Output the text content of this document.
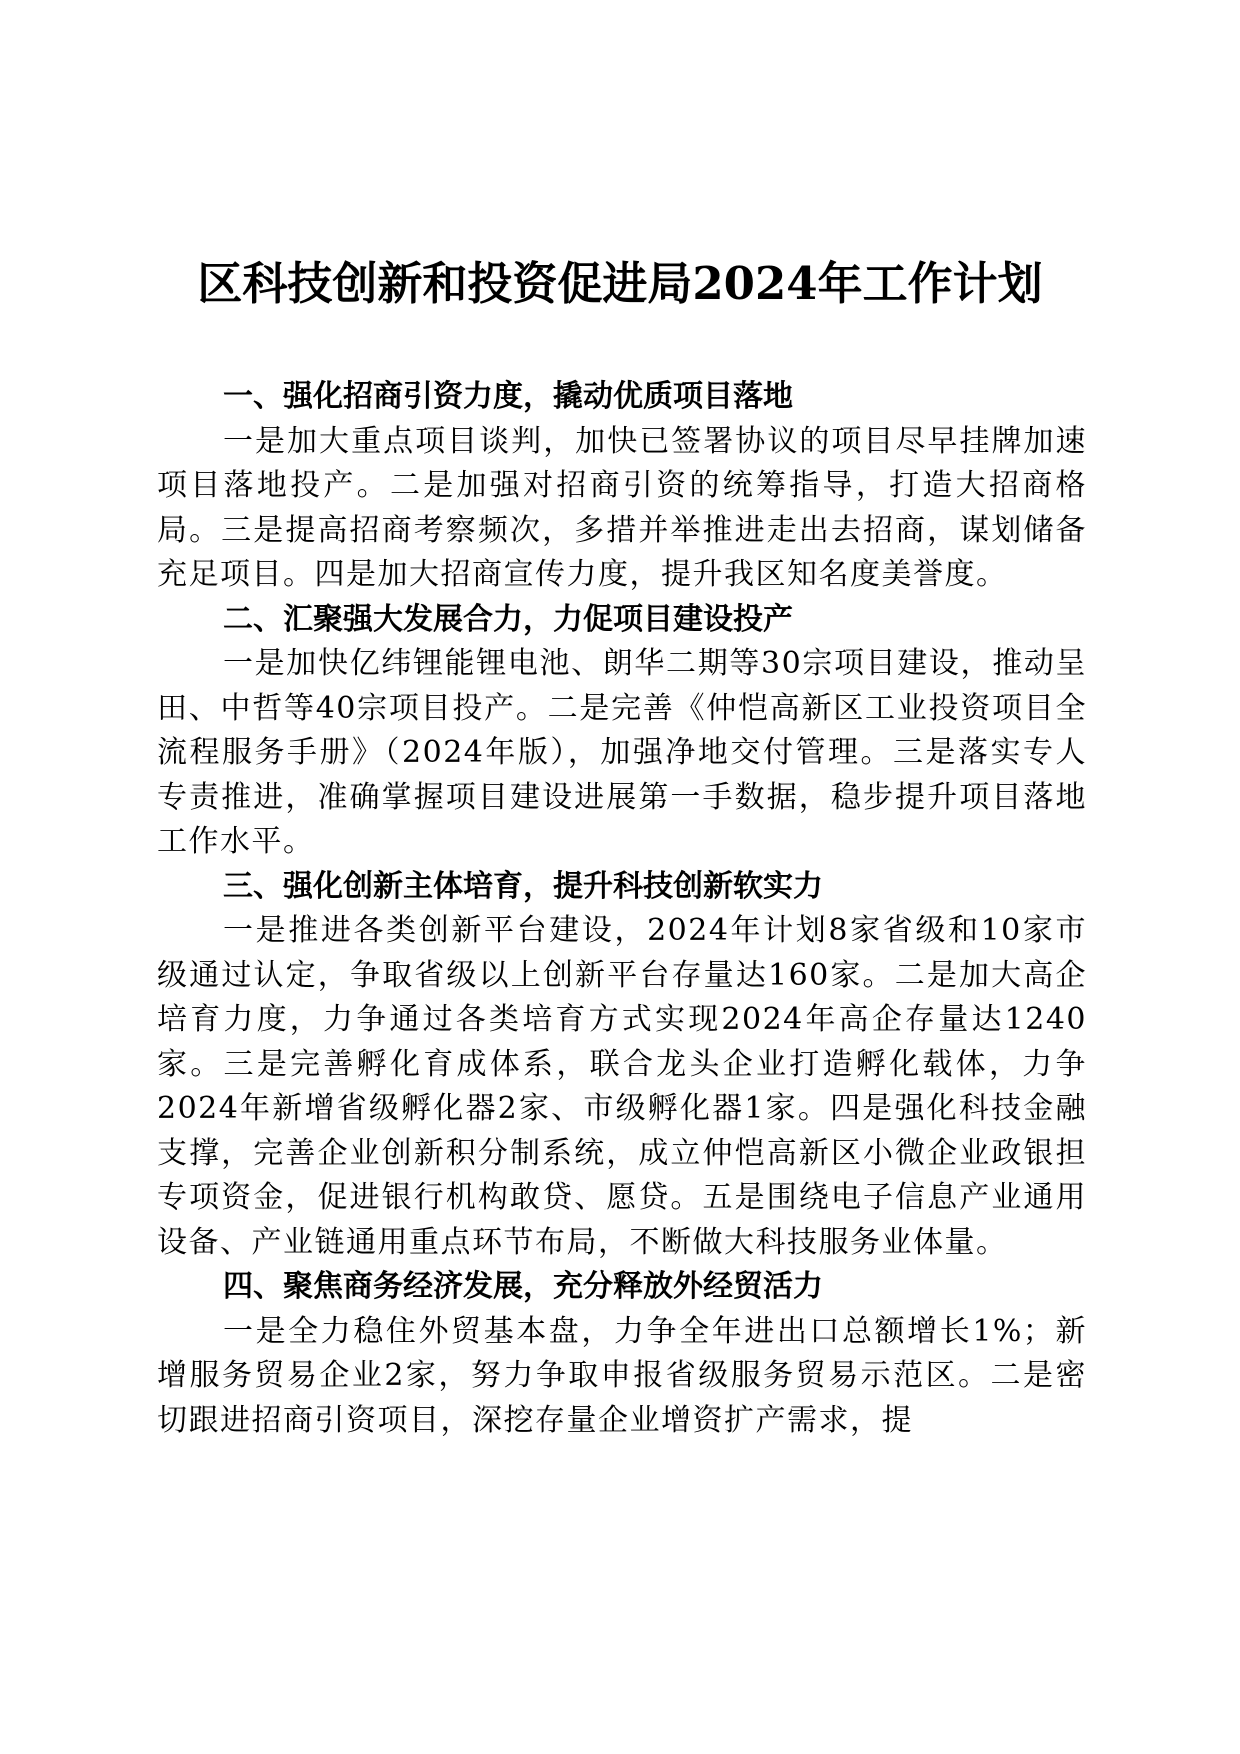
区科技创新和投资促进局2024年工作计划

一、强化招商引资力度，撬动优质项目落地

一是加大重点项目谈判，加快已签署协议的项目尽早挂牌加速项目落地投产。二是加强对招商引资的统筹指导，打造大招商格局。三是提高招商考察频次，多措并举推进走出去招商，谋划储备充足项目。四是加大招商宣传力度，提升我区知名度美誉度。

二、汇聚强大发展合力，力促项目建设投产

一是加快亿纬锂能锂电池、朗华二期等30宗项目建设，推动呈田、中哲等40宗项目投产。二是完善《仲恺高新区工业投资项目全流程服务手册》（2024年版），加强净地交付管理。三是落实专人专责推进，准确掌握项目建设进展第一手数据，稳步提升项目落地工作水平。

三、强化创新主体培育，提升科技创新软实力

一是推进各类创新平台建设，2024年计划8家省级和10家市级通过认定，争取省级以上创新平台存量达160家。二是加大高企培育力度，力争通过各类培育方式实现2024年高企存量达1240家。三是完善孵化育成体系，联合龙头企业打造孵化载体，力争2024年新增省级孵化器2家、市级孵化器1家。四是强化科技金融支撑，完善企业创新积分制系统，成立仲恺高新区小微企业政银担专项资金，促进银行机构敢贷、愿贷。五是围绕电子信息产业通用设备、产业链通用重点环节布局，不断做大科技服务业体量。

四、聚焦商务经济发展，充分释放外经贸活力

一是全力稳住外贸基本盘，力争全年进出口总额增长1%；新增服务贸易企业2家，努力争取申报省级服务贸易示范区。二是密切跟进招商引资项目，深挖存量企业增资扩产需求，提
